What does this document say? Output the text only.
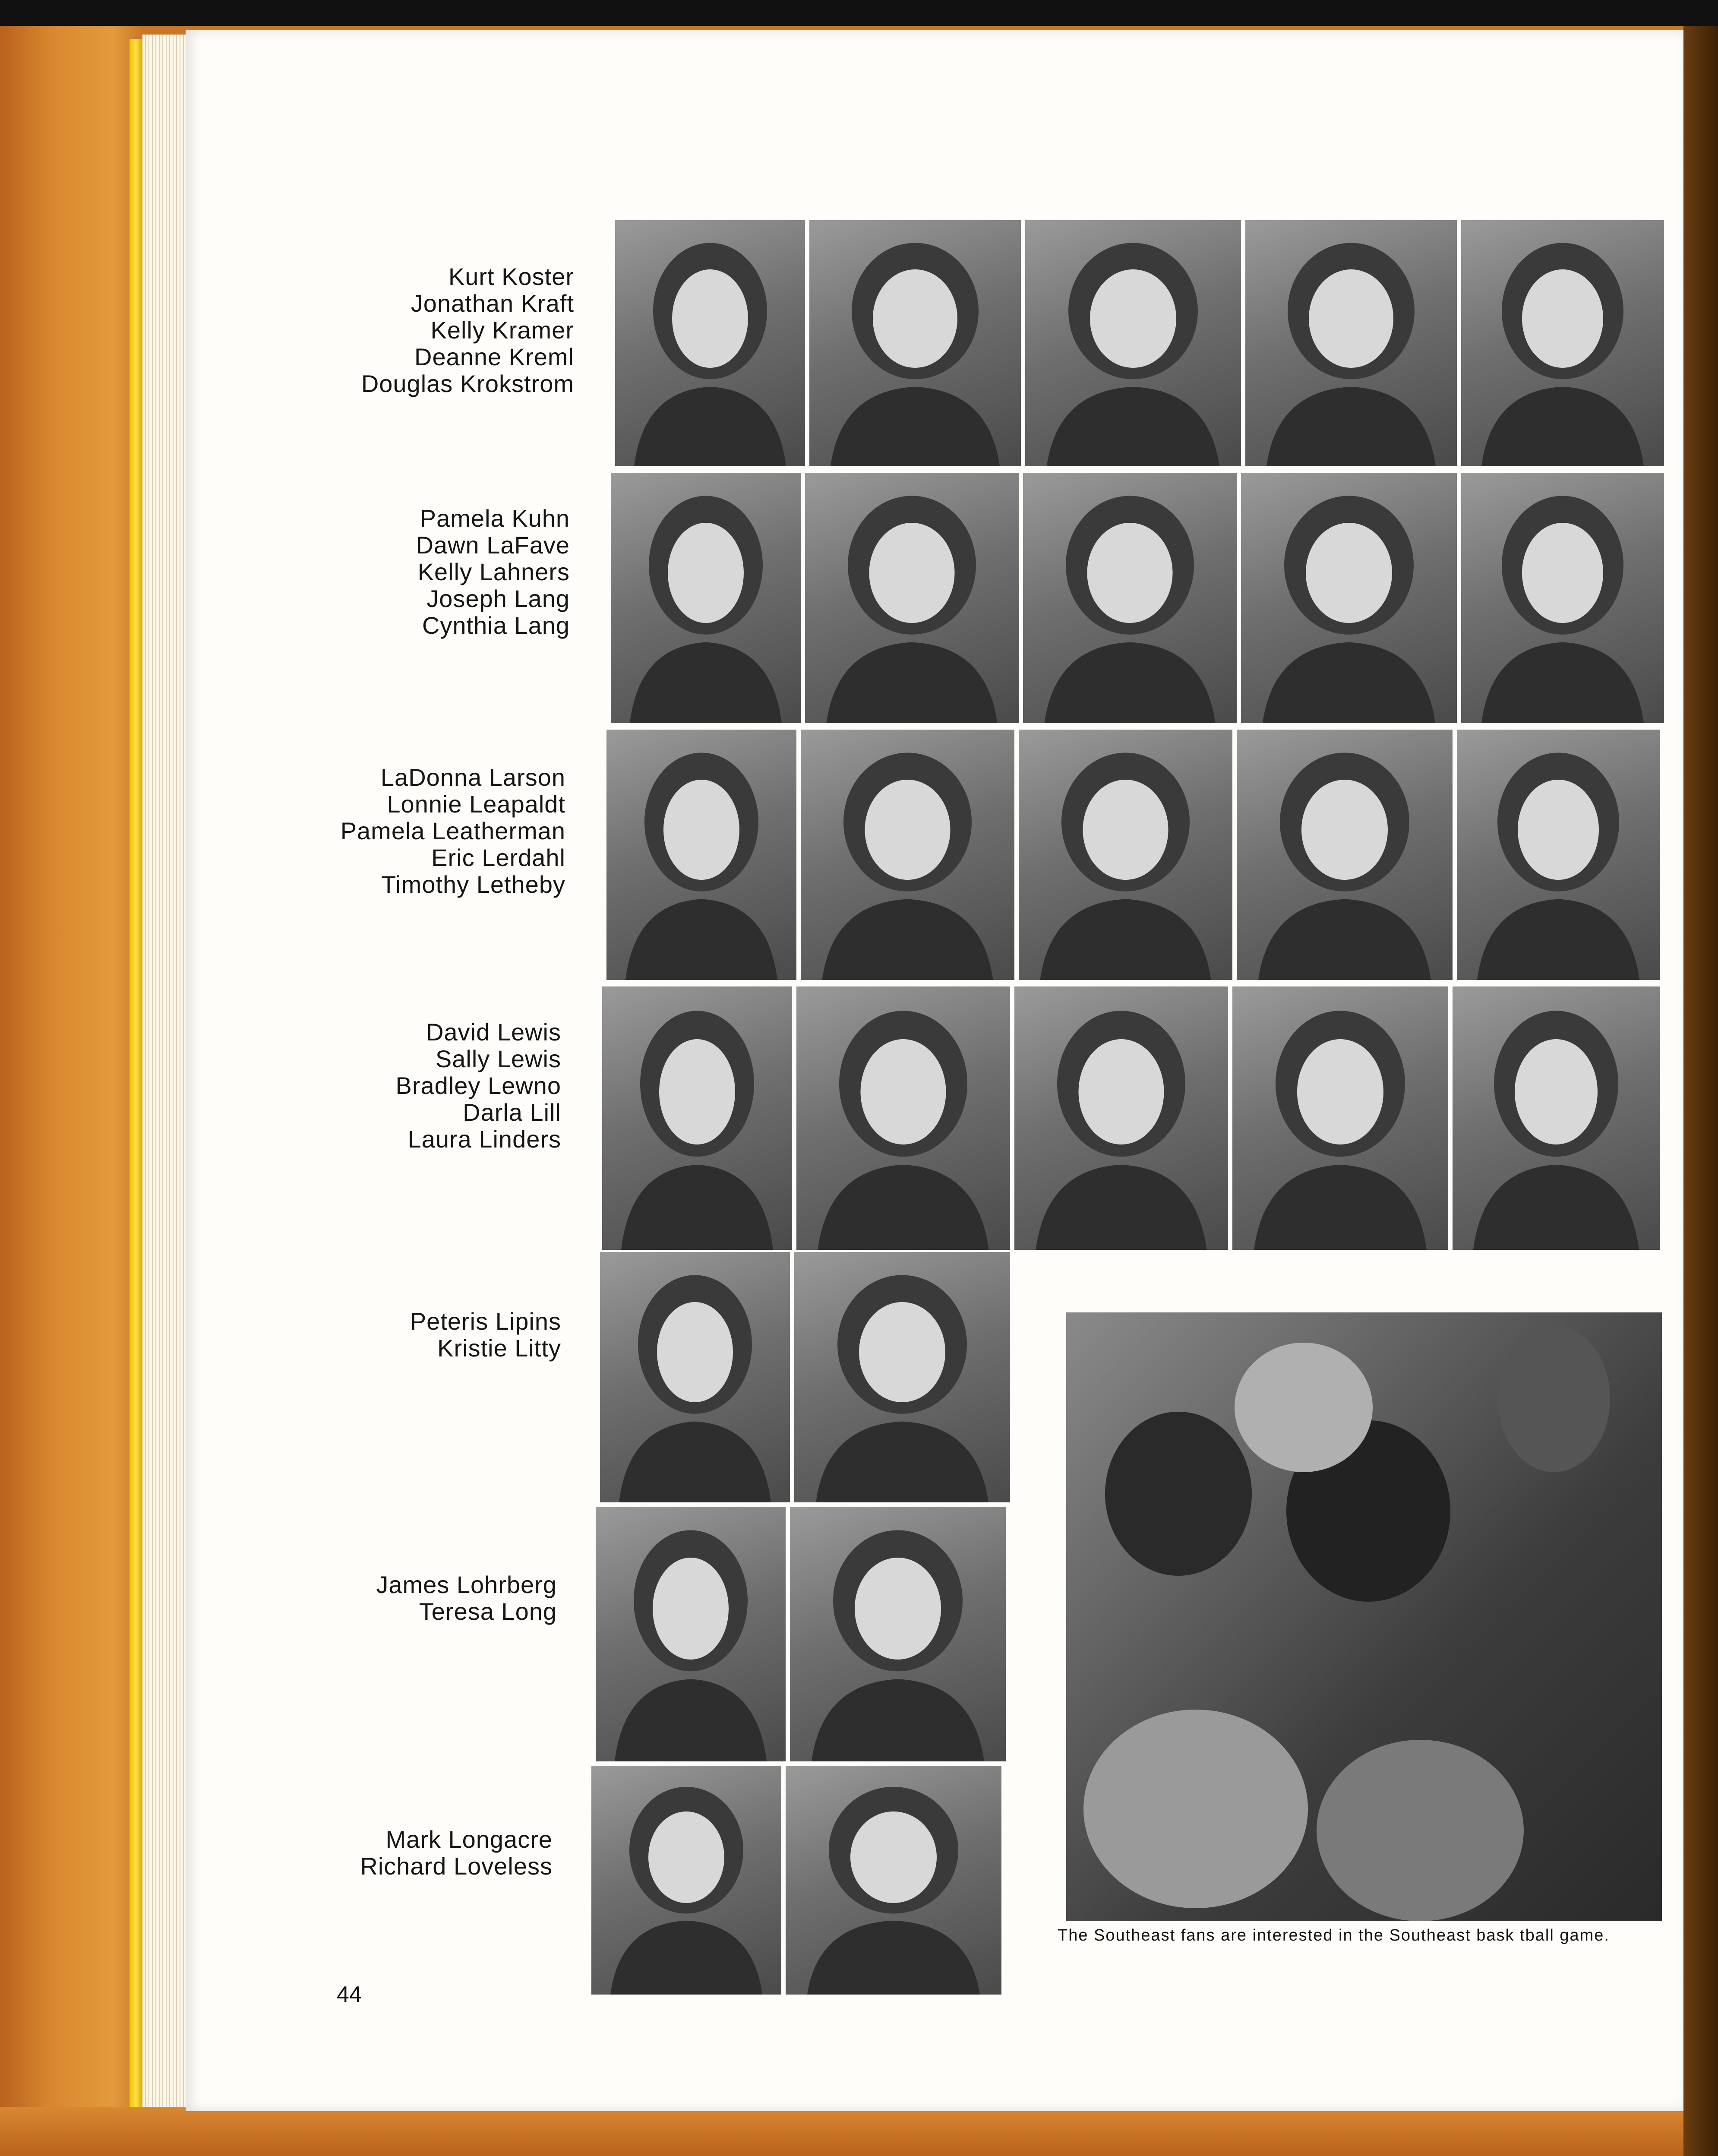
Kurt Koster
Jonathan Kraft
Kelly Kramer
Deanne Kreml
Douglas Krokstrom
Pamela Kuhn
Dawn LaFave
Kelly Lahners
Joseph Lang
Cynthia Lang
LaDonna Larson
Lonnie Leapaldt
Pamela Leatherman
Eric Lerdahl
Timothy Letheby
David Lewis
Sally Lewis
Bradley Lewno
Darla Lill
Laura Linders
Peteris Lipins
Kristie Litty
James Lohrberg
Teresa Long
Mark Longacre
Richard Loveless
The Southeast fans are interested in the Southeast bask tball game.
44
